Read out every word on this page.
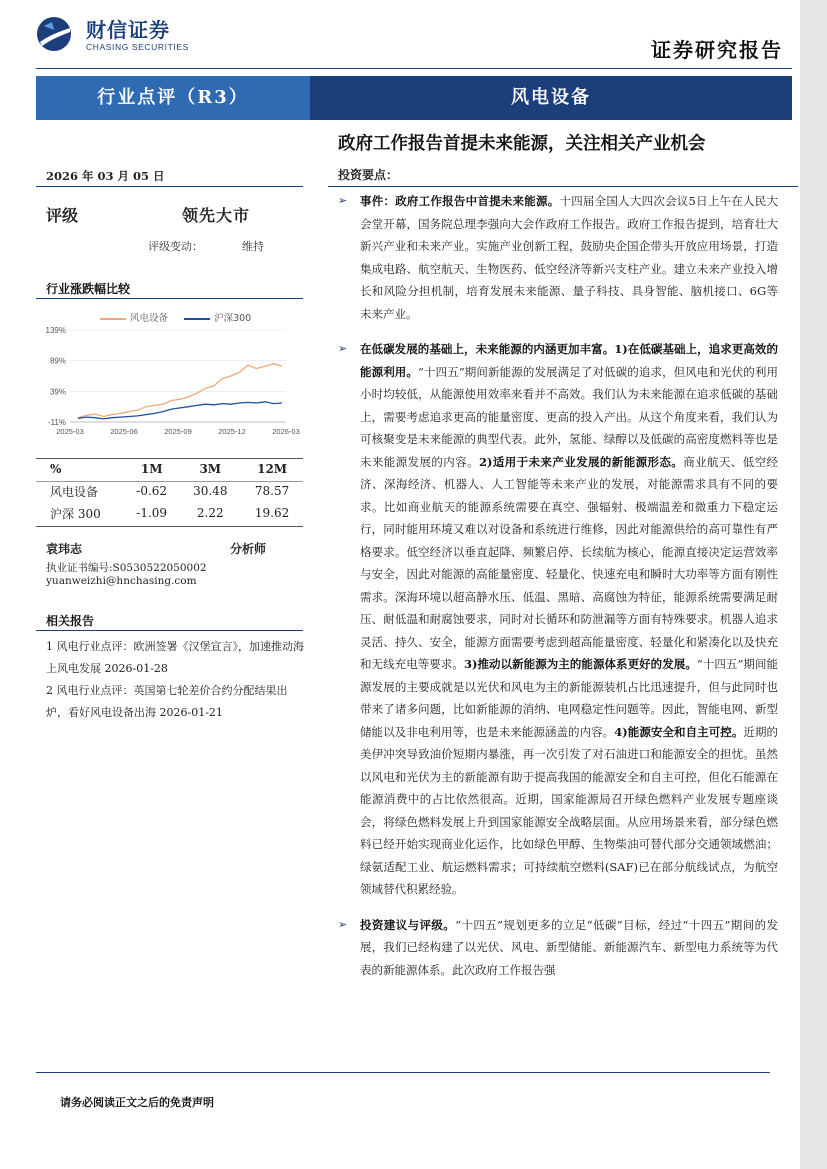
财信证券
CHASING SECURITIES	证券研究报告
行业点评（R3）	风电设备
政府工作报告首提未来能源，关注相关产业机会
2026 年 03 月 05 日
评级	领先大市
评级变动：	维持
行业涨跌幅比较
风电设备	沪深300
139%
89%
39%
-11%
2025-03	2025-06	2025-09	2025-12	2026-03
%	1M	3M	12M
风电设备	-0.62	30.48	78.57
沪深 300	-1.09	2.22	19.62
袁玮志	分析师
执业证书编号:S0530522050002
yuanweizhi@hnchasing.com
相关报告
1 风电行业点评：欧洲签署《汉堡宣言》，加速推动海上风电发展 2026-01-28
2 风电行业点评：英国第七轮差价合约分配结果出炉，看好风电设备出海 2026-01-21
投资要点：
➢ 事件：政府工作报告中首提未来能源。十四届全国人大四次会议5日上午在人民大会堂开幕，国务院总理李强向大会作政府工作报告。政府工作报告提到，培育壮大新兴产业和未来产业。实施产业创新工程，鼓励央企国企带头开放应用场景，打造集成电路、航空航天、生物医药、低空经济等新兴支柱产业。建立未来产业投入增长和风险分担机制，培育发展未来能源、量子科技、具身智能、脑机接口、6G等未来产业。
➢ 在低碳发展的基础上，未来能源的内涵更加丰富。1)在低碳基础上，追求更高效的能源利用。“十四五”期间新能源的发展满足了对低碳的追求，但风电和光伏的利用小时均较低，从能源使用效率来看并不高效。我们认为未来能源在追求低碳的基础上，需要考虑追求更高的能量密度、更高的投入产出。从这个角度来看，我们认为可核聚变是未来能源的典型代表。此外，氢能、绿醇以及低碳的高密度燃料等也是未来能源发展的内容。2)适用于未来产业发展的新能源形态。商业航天、低空经济、深海经济、机器人、人工智能等未来产业的发展，对能源需求具有不同的要求。比如商业航天的能源系统需要在真空、强辐射、极端温差和微重力下稳定运行，同时能用环境又难以对设备和系统进行维修，因此对能源供给的高可靠性有严格要求。低空经济以垂直起降、频繁启停、长续航为核心，能源直接决定运营效率与安全，因此对能源的高能量密度、轻量化、快速充电和瞬时大功率等方面有刚性需求。深海环境以超高静水压、低温、黑暗、高腐蚀为特征，能源系统需要满足耐压、耐低温和耐腐蚀要求，同时对长循环和防泄漏等方面有特殊要求。机器人追求灵活、持久、安全，能源方面需要考虑到超高能量密度、轻量化和紧凑化以及快充和无线充电等要求。3)推动以新能源为主的能源体系更好的发展。“十四五”期间能源发展的主要成就是以光伏和风电为主的新能源装机占比迅速提升，但与此同时也带来了诸多问题，比如新能源的消纳、电网稳定性问题等。因此，智能电网、新型储能以及非电利用等，也是未来能源涵盖的内容。4)能源安全和自主可控。近期的美伊冲突导致油价短期内暴涨，再一次引发了对石油进口和能源安全的担忧。虽然以风电和光伏为主的新能源有助于提高我国的能源安全和自主可控，但化石能源在能源消费中的占比依然很高。近期，国家能源局召开绿色燃料产业发展专题座谈会，将绿色燃料发展上升到国家能源安全战略层面。从应用场景来看，部分绿色燃料已经开始实现商业化运作，比如绿色甲醇、生物柴油可替代部分交通领域燃油；绿氨适配工业、航运燃料需求；可持续航空燃料(SAF)已在部分航线试点，为航空领域替代积累经验。
➢ 投资建议与评级。“十四五”规划更多的立足“低碳”目标，经过“十四五”期间的发展，我们已经构建了以光伏、风电、新型储能、新能源汽车、新型电力系统等为代表的新能源体系。此次政府工作报告强
请务必阅读正文之后的免责声明
